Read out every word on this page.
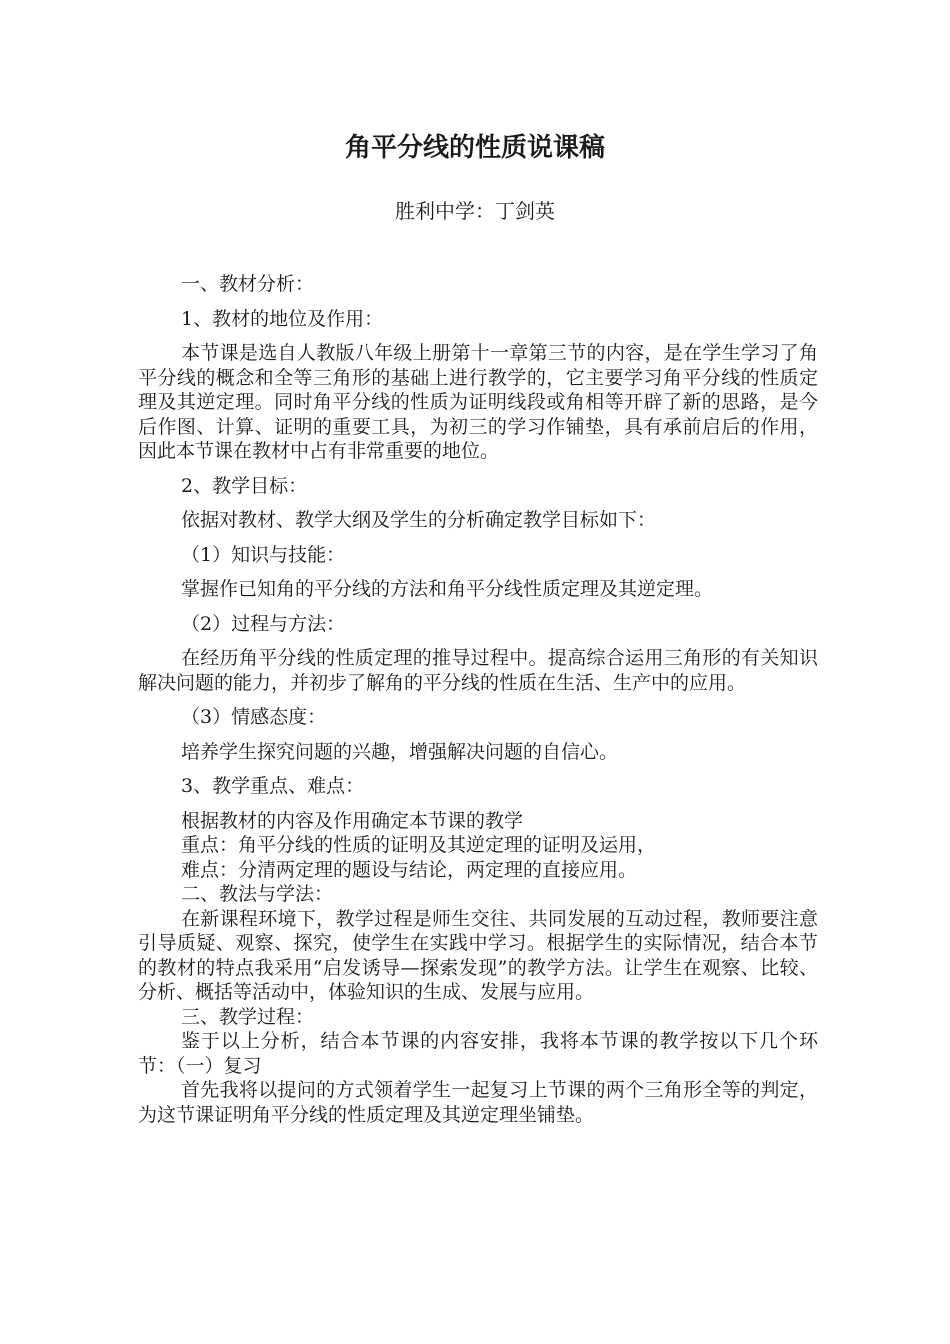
角平分线的性质说课稿
胜利中学：丁剑英

一、教材分析：

1、教材的地位及作用：

本节课是选自人教版八年级上册第十一章第三节的内容，是在学生学习了角平分线的概念和全等三角形的基础上进行教学的，它主要学习角平分线的性质定理及其逆定理。同时角平分线的性质为证明线段或角相等开辟了新的思路，是今后作图、计算、证明的重要工具，为初三的学习作铺垫，具有承前启后的作用，因此本节课在教材中占有非常重要的地位。

2、教学目标：

依据对教材、教学大纲及学生的分析确定教学目标如下：

（1）知识与技能：

掌握作已知角的平分线的方法和角平分线性质定理及其逆定理。

（2）过程与方法：

在经历角平分线的性质定理的推导过程中。提高综合运用三角形的有关知识解决问题的能力，并初步了解角的平分线的性质在生活、生产中的应用。

（3）情感态度：

培养学生探究问题的兴趣，增强解决问题的自信心。

3、教学重点、难点：

根据教材的内容及作用确定本节课的教学

重点：角平分线的性质的证明及其逆定理的证明及运用，

难点：分清两定理的题设与结论，两定理的直接应用。

二、教法与学法：

在新课程环境下，教学过程是师生交往、共同发展的互动过程，教师要注意引导质疑、观察、探究，使学生在实践中学习。根据学生的实际情况，结合本节的教材的特点我采用“启发诱导—探索发现”的教学方法。让学生在观察、比较、分析、概括等活动中，体验知识的生成、发展与应用。

三、教学过程：

鉴于以上分析，结合本节课的内容安排，我将本节课的教学按以下几个环节：（一）复习

首先我将以提问的方式领着学生一起复习上节课的两个三角形全等的判定，为这节课证明角平分线的性质定理及其逆定理坐铺垫。
